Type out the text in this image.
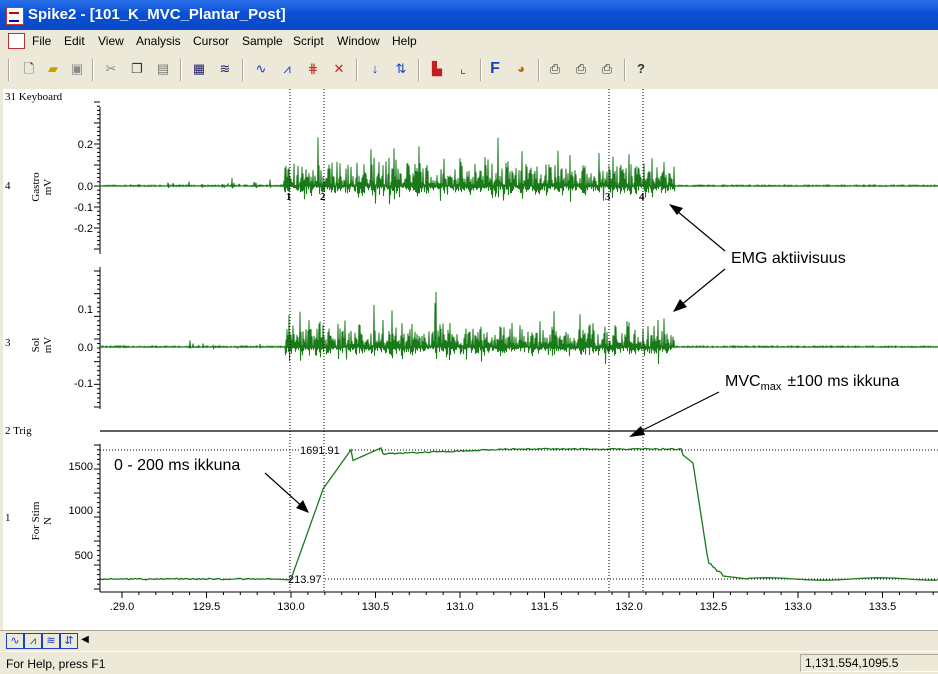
Spike2 - [101_K_MVC_Plantar_Post]
File Edit View Analysis Cursor Sample Script Window Help
🗋	▰ ▣ ✂ ❐ ▤ ▦ ≋ ∿	⩘	⋕ ✕	↓	⇅	▙	⌞	F	◕	⎙ ⎙ ⎙	?
31 Keyboard
4 Gastro mV
0.2
0.0
-0.1
-0.2
3 Sol mV
0.1
0.0
-0.1
2 Trig
1 For Stim N
1500
1000
500
1691.91
213.97
1	2	3	4
.29.0	129.5	130.0	130.5	131.0	131.5	132.0	132.5	133.0	133.5
EMG aktiivisuus
$MVC_{max} \pm 100$ ms ikkuna
0 - 200 ms ikkuna
∿ ⩘ ≋ ⇵ ◀
For Help, press F1	1,131.554,1095.5
